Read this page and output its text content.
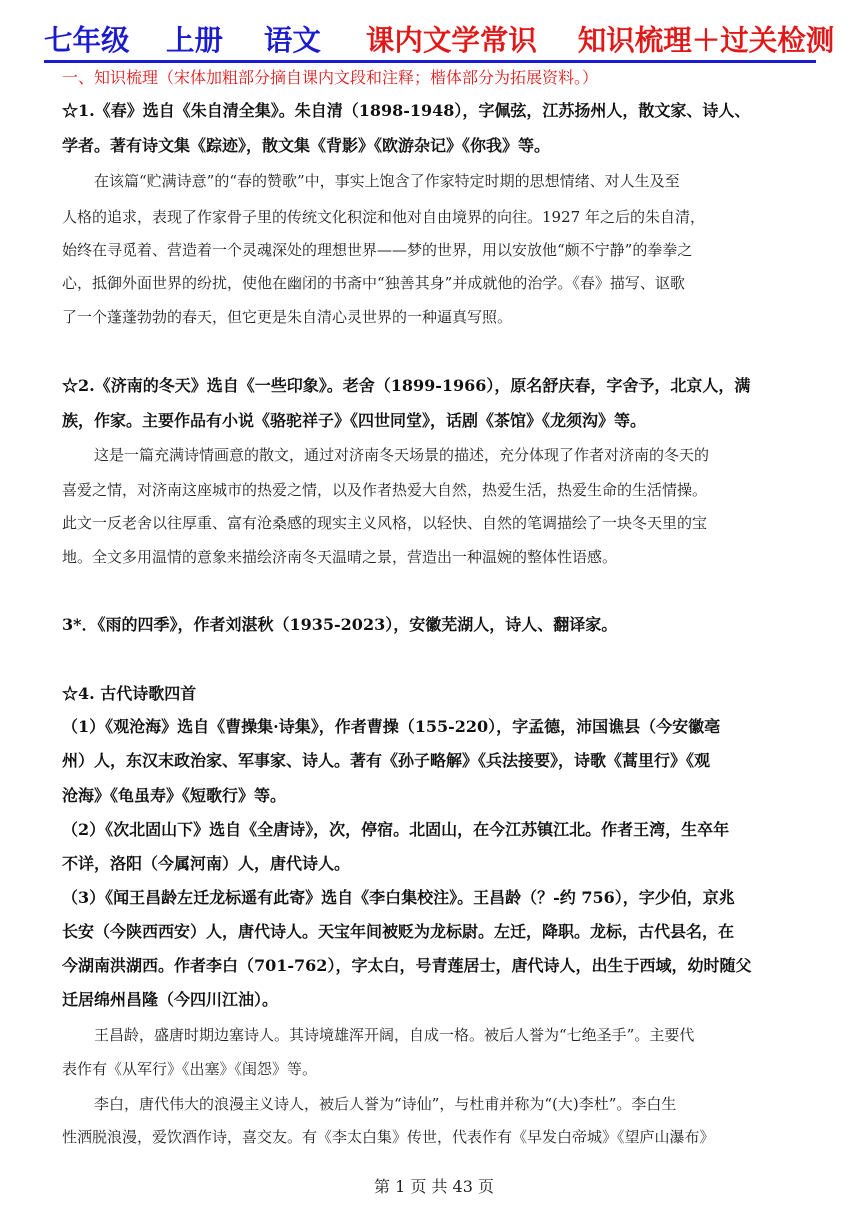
七年级 上册 语文 课内文学常识 知识梳理＋过关检测
一、知识梳理（宋体加粗部分摘自课内文段和注释；楷体部分为拓展资料。）
☆1.《春》选自《朱自清全集》。朱自清（1898-1948），字佩弦，江苏扬州人，散文家、诗人、
学者。著有诗文集《踪迹》，散文集《背影》《欧游杂记》《你我》等。
在该篇“贮满诗意”的“春的赞歌”中，事实上饱含了作家特定时期的思想情绪、对人生及至
人格的追求，表现了作家骨子里的传统文化积淀和他对自由境界的向往。1927 年之后的朱自清，
始终在寻觅着、营造着一个灵魂深处的理想世界——梦的世界，用以安放他“颇不宁静”的拳拳之
心，抵御外面世界的纷扰，使他在幽闭的书斋中“独善其身”并成就他的治学。《春》描写、讴歌
了一个蓬蓬勃勃的春天，但它更是朱自清心灵世界的一种逼真写照。
☆2.《济南的冬天》选自《一些印象》。老舍（1899-1966），原名舒庆春，字舍予，北京人，满
族，作家。主要作品有小说《骆驼祥子》《四世同堂》，话剧《茶馆》《龙须沟》等。
这是一篇充满诗情画意的散文，通过对济南冬天场景的描述，充分体现了作者对济南的冬天的
喜爱之情，对济南这座城市的热爱之情，以及作者热爱大自然，热爱生活，热爱生命的生活情操。
此文一反老舍以往厚重、富有沧桑感的现实主义风格，以轻快、自然的笔调描绘了一块冬天里的宝
地。全文多用温情的意象来描绘济南冬天温晴之景，营造出一种温婉的整体性语感。
3*．《雨的四季》，作者刘湛秋（1935-2023），安徽芜湖人，诗人、翻译家。
☆4. 古代诗歌四首
（1）《观沧海》选自《曹操集·诗集》，作者曹操（155-220），字孟德，沛国谯县（今安徽亳
州）人，东汉末政治家、军事家、诗人。著有《孙子略解》《兵法接要》，诗歌《蒿里行》《观
沧海》《龟虽寿》《短歌行》等。
（2）《次北固山下》选自《全唐诗》，次，停宿。北固山，在今江苏镇江北。作者王湾，生卒年
不详，洛阳（今属河南）人，唐代诗人。
（3）《闻王昌龄左迁龙标遥有此寄》选自《李白集校注》。王昌龄（？-约 756），字少伯，京兆
长安（今陕西西安）人，唐代诗人。天宝年间被贬为龙标尉。左迁，降职。龙标，古代县名，在
今湖南洪湖西。作者李白（701-762），字太白，号青莲居士，唐代诗人，出生于西域，幼时随父
迁居绵州昌隆（今四川江油）。
王昌龄，盛唐时期边塞诗人。其诗境雄浑开阔，自成一格。被后人誉为“七绝圣手”。主要代
表作有《从军行》《出塞》《闺怨》等。
李白，唐代伟大的浪漫主义诗人，被后人誉为“诗仙”，与杜甫并称为“(大)李杜”。李白生
性洒脱浪漫，爱饮酒作诗，喜交友。有《李太白集》传世，代表作有《早发白帝城》《望庐山瀑布》
第 1 页 共 43 页
